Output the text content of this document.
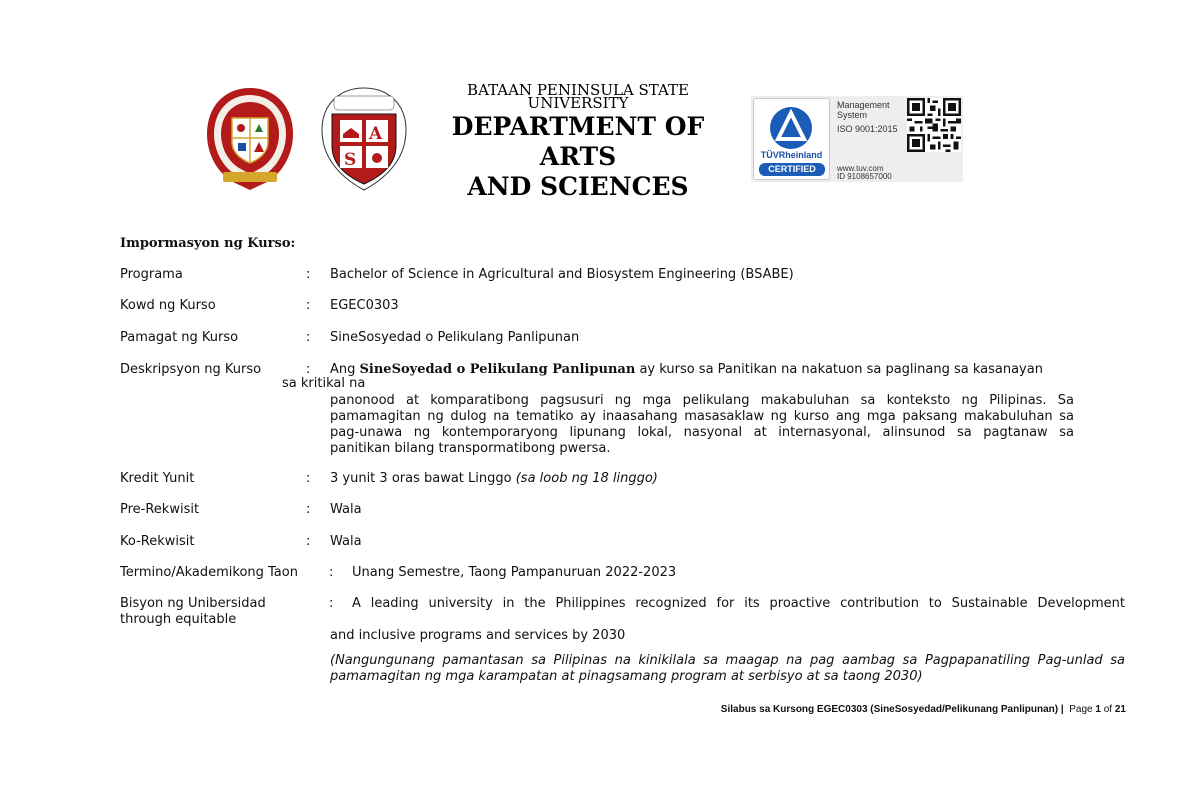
A
S
BATAAN PENINSULA STATE
UNIVERSITY
DEPARTMENT OF
ARTS
AND SCIENCES
TÜVRheinland
CERTIFIED
Management
System
ISO 9001:2015
www.tuv.com
ID 9108657000
Impormasyon ng Kurso:
Programa	: Bachelor of Science in Agricultural and Biosystem Engineering (BSABE)
Kowd ng Kurso	: EGEC0303
Pamagat ng Kurso	: SineSosyedad o Pelikulang Panlipunan
Deskripsyon ng Kurso	: Ang SineSoyedad o Pelikulang Panlipunan ay kurso sa Panitikan na nakatuon sa paglinang sa kasanayan
sa kritikal na
panonood at komparatibong pagsusuri ng mga pelikulang makabuluhan sa konteksto ng Pilipinas. Sa
pamamagitan ng dulog na tematiko ay inaasahang masasaklaw ng kurso ang mga paksang makabuluhan sa
pag-unawa ng kontemporaryong lipunang lokal, nasyonal at internasyonal, alinsunod sa pagtanaw sa
panitikan bilang transpormatibong pwersa.
Kredit Yunit	: 3 yunit 3 oras bawat Linggo (sa loob ng 18 linggo)
Pre-Rekwisit	: Wala
Ko-Rekwisit	: Wala
Termino/Akademikong Taon : Unang Semestre, Taong Pampanuruan 2022-2023
Bisyon ng Unibersidad
through equitable
: A leading university in the Philippines recognized for its proactive contribution to Sustainable Development
and inclusive programs and services by 2030
(Nangungunang pamantasan sa Pilipinas na kinikilala sa maagap na pag aambag sa Pagpapanatiling Pag-unlad sa
pamamagitan ng mga karampatan at pinagsamang program at serbisyo at sa taong 2030)
Silabus sa Kursong EGEC0303 (SineSosyedad/Pelikunang Panlipunan) | Page 1 of 21
